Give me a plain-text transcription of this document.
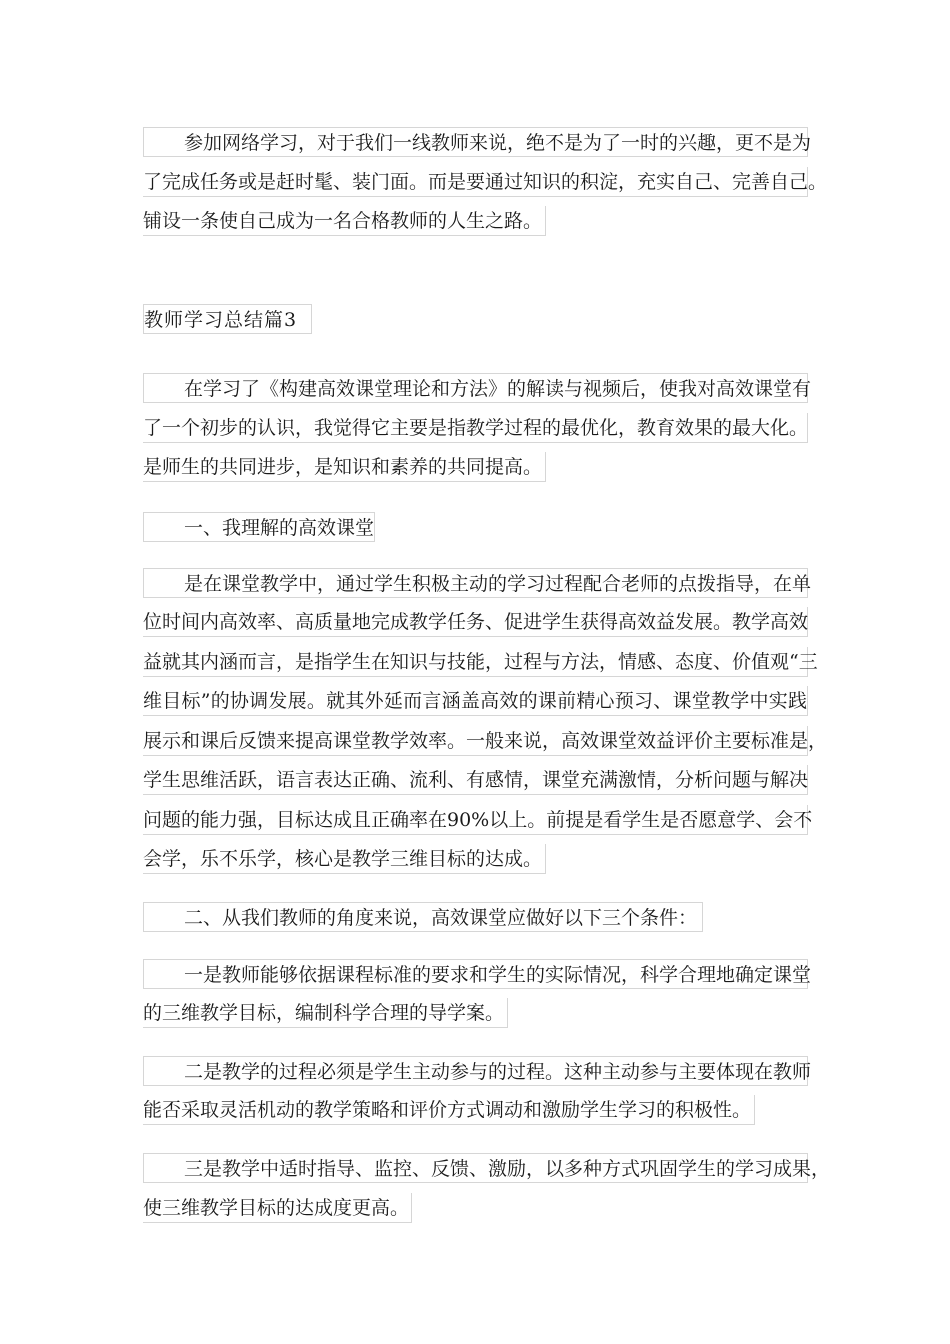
参加网络学习，对于我们一线教师来说，绝不是为了一时的兴趣，更不是为
了完成任务或是赶时髦、装门面。而是要通过知识的积淀，充实自己、完善自己。
铺设一条使自己成为一名合格教师的人生之路。
教师学习总结篇3
在学习了《构建高效课堂理论和方法》的解读与视频后，使我对高效课堂有
了一个初步的认识，我觉得它主要是指教学过程的最优化，教育效果的最大化。
是师生的共同进步，是知识和素养的共同提高。
一、我理解的高效课堂
是在课堂教学中，通过学生积极主动的学习过程配合老师的点拨指导，在单
位时间内高效率、高质量地完成教学任务、促进学生获得高效益发展。教学高效
益就其内涵而言，是指学生在知识与技能，过程与方法，情感、态度、价值观“三
维目标”的协调发展。就其外延而言涵盖高效的课前精心预习、课堂教学中实践
展示和课后反馈来提高课堂教学效率。一般来说，高效课堂效益评价主要标准是，
学生思维活跃，语言表达正确、流利、有感情，课堂充满激情，分析问题与解决
问题的能力强，目标达成且正确率在90%以上。前提是看学生是否愿意学、会不
会学，乐不乐学，核心是教学三维目标的达成。
二、从我们教师的角度来说，高效课堂应做好以下三个条件：
一是教师能够依据课程标准的要求和学生的实际情况，科学合理地确定课堂
的三维教学目标，编制科学合理的导学案。
二是教学的过程必须是学生主动参与的过程。这种主动参与主要体现在教师
能否采取灵活机动的教学策略和评价方式调动和激励学生学习的积极性。
三是教学中适时指导、监控、反馈、激励，以多种方式巩固学生的学习成果，
使三维教学目标的达成度更高。
